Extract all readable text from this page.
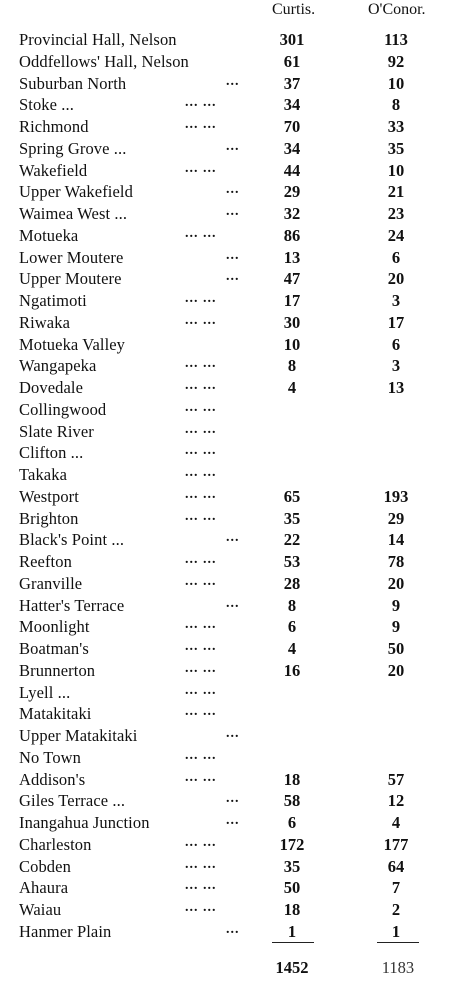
Curtis.	O'Conor.
Provincial Hall, Nelson	301	113
Oddfellows' Hall, Nelson	61	92
Suburban North	...	37	10
Stoke ...	... ...	34	8
Richmond	... ...	70	33
Spring Grove ...	...	34	35
Wakefield	... ...	44	10
Upper Wakefield	...	29	21
Waimea West ...	...	32	23
Motueka	... ...	86	24
Lower Moutere	...	13	6
Upper Moutere	...	47	20
Ngatimoti	... ...	17	3
Riwaka	... ...	30	17
Motueka Valley	10	6
Wangapeka	... ...	8	3
Dovedale	... ...	4	13
Collingwood	... ...
Slate River	... ...
Clifton ...	... ...
Takaka	... ...
Westport	... ...	65	193
Brighton	... ...	35	29
Black's Point ...	...	22	14
Reefton	... ...	53	78
Granville	... ...	28	20
Hatter's Terrace	...	8	9
Moonlight	... ...	6	9
Boatman's	... ...	4	50
Brunnerton	... ...	16	20
Lyell ...	... ...
Matakitaki	... ...
Upper Matakitaki	...
No Town	... ...
Addison's	... ...	18	57
Giles Terrace ...	...	58	12
Inangahua Junction	...	6	4
Charleston	... ...	172	177
Cobden	... ...	35	64
Ahaura	... ...	50	7
Waiau	... ...	18	2
Hanmer Plain	...	1	1
1452	1183
